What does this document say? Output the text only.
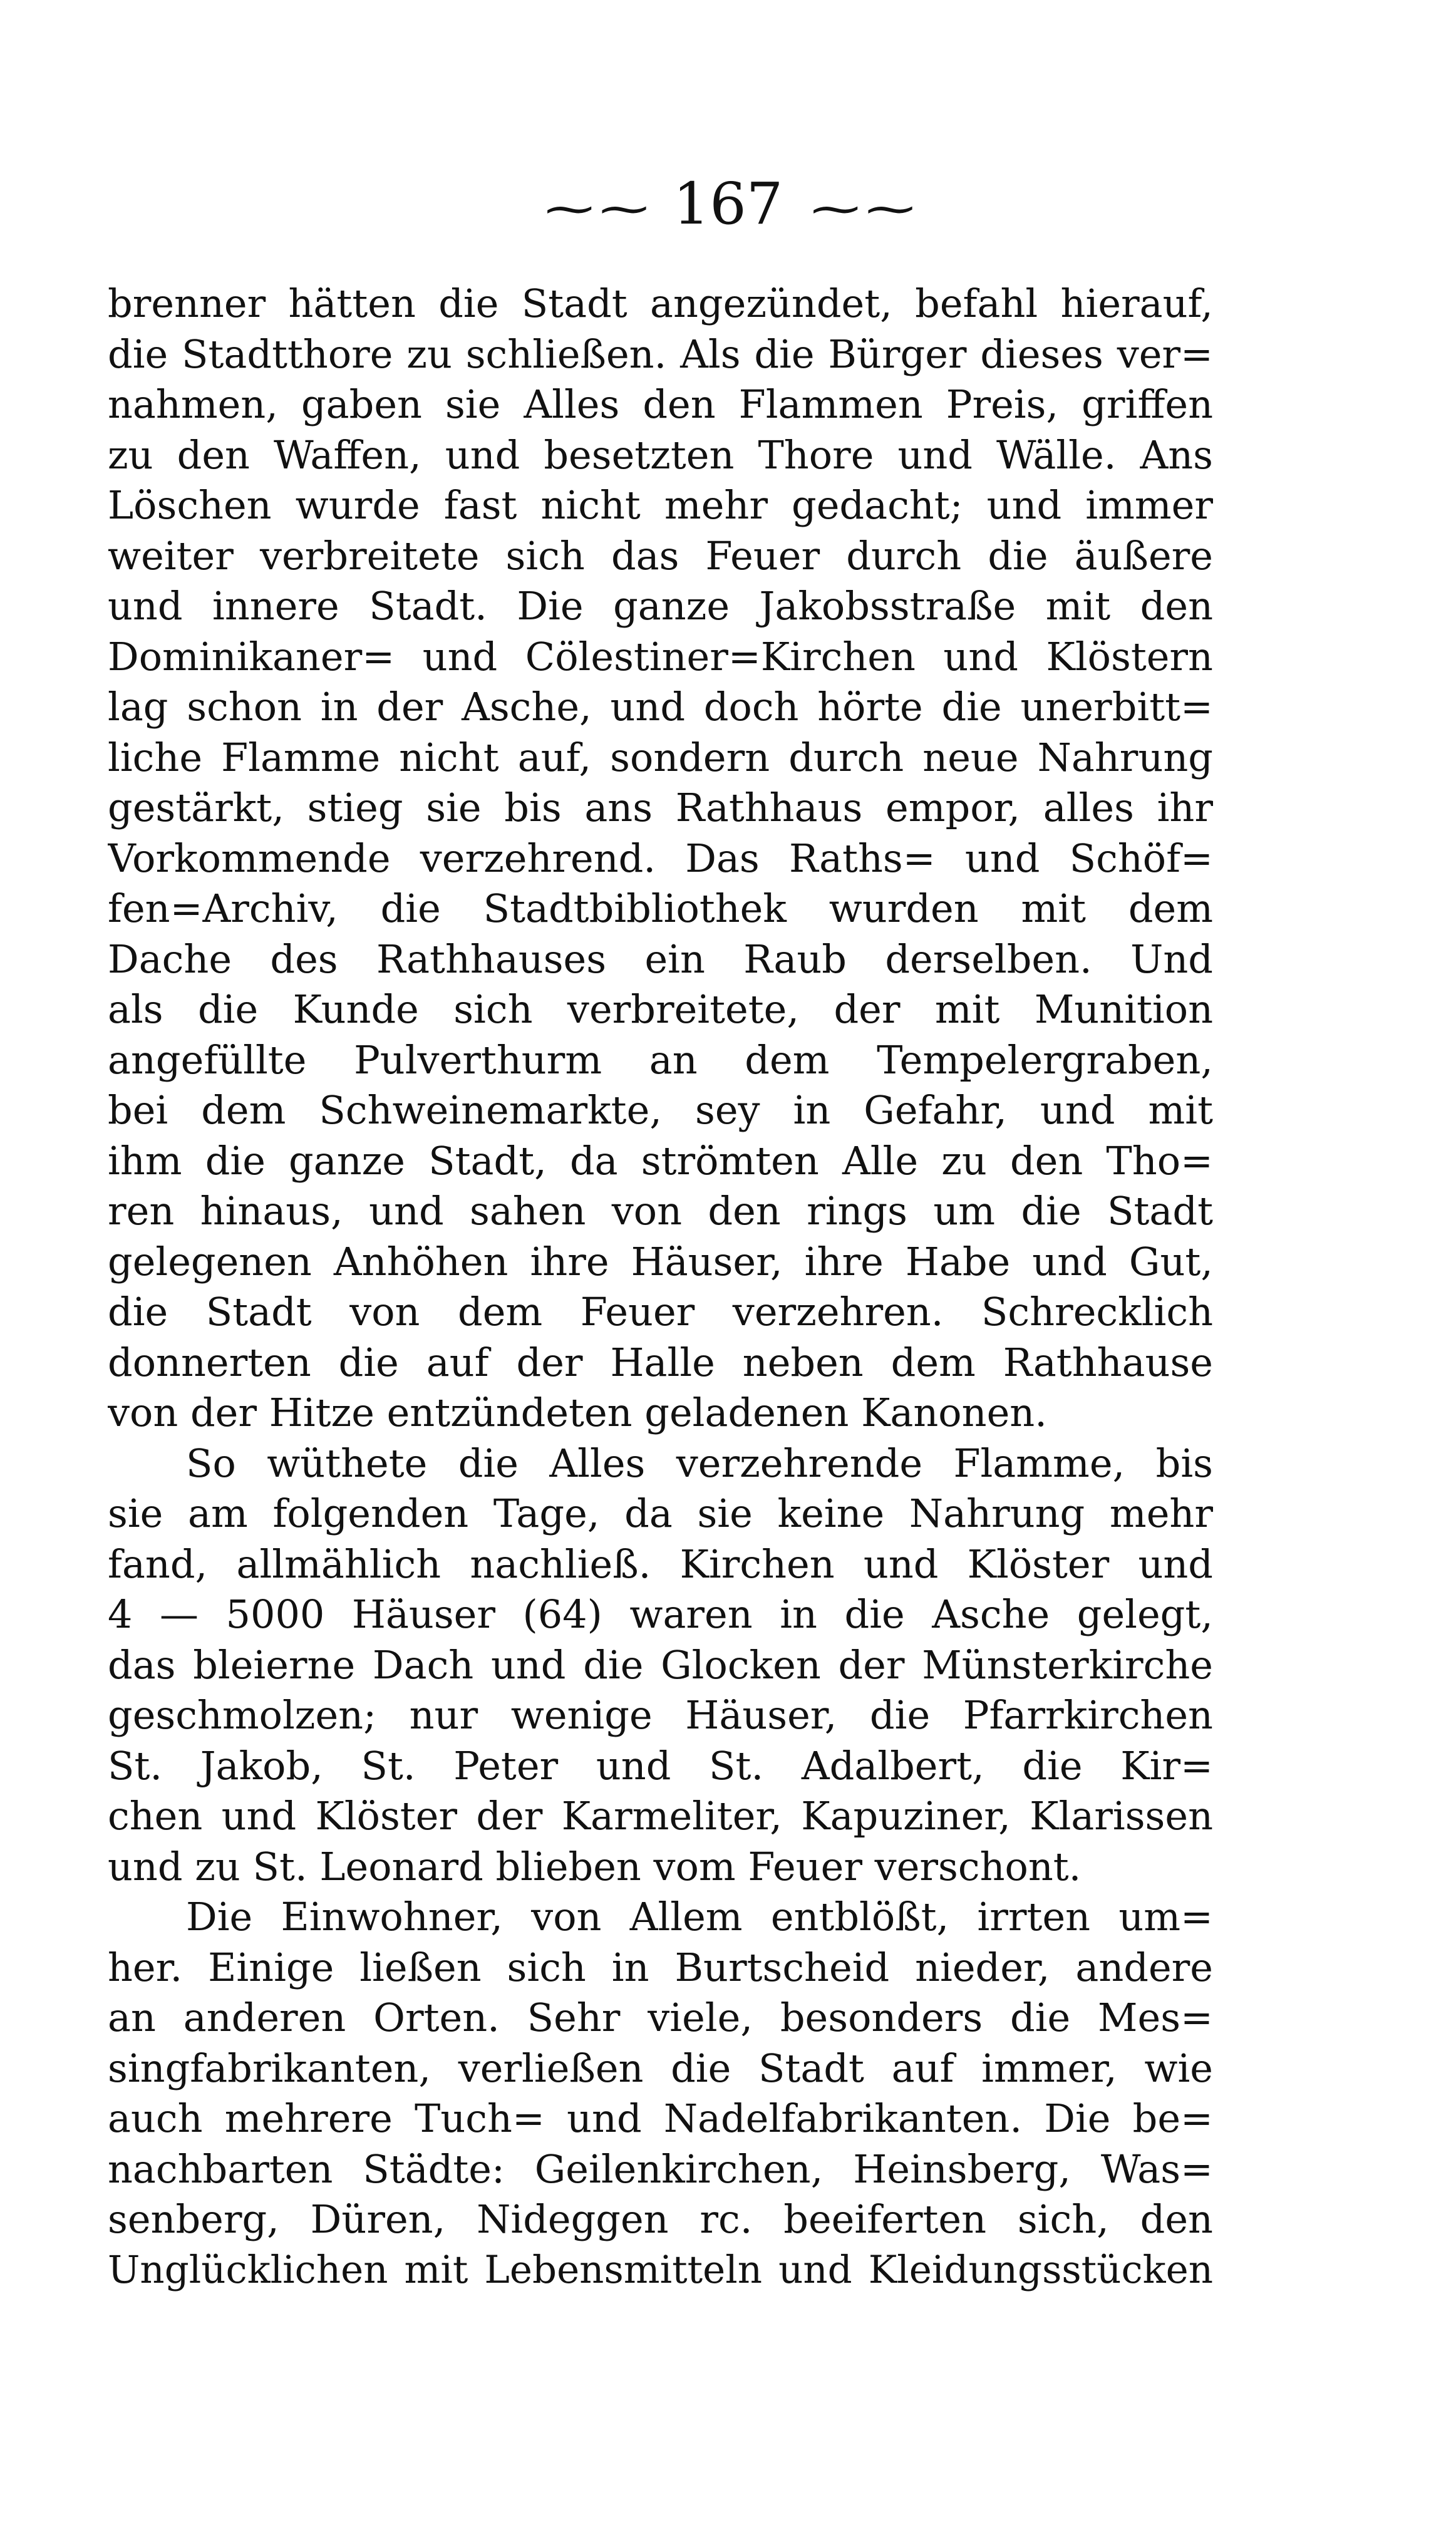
~~ 167 ~~
brenner hätten die Stadt angezündet, befahl hierauf,
die Stadtthore zu schließen. Als die Bürger dieses ver=
nahmen, gaben sie Alles den Flammen Preis, griffen
zu den Waffen, und besetzten Thore und Wälle. Ans
Löschen wurde fast nicht mehr gedacht; und immer
weiter verbreitete sich das Feuer durch die äußere
und innere Stadt. Die ganze Jakobsstraße mit den
Dominikaner= und Cölestiner=Kirchen und Klöstern
lag schon in der Asche, und doch hörte die unerbitt=
liche Flamme nicht auf, sondern durch neue Nahrung
gestärkt, stieg sie bis ans Rathhaus empor, alles ihr
Vorkommende verzehrend. Das Raths= und Schöf=
fen=Archiv, die Stadtbibliothek wurden mit dem
Dache des Rathhauses ein Raub derselben. Und
als die Kunde sich verbreitete, der mit Munition
angefüllte Pulverthurm an dem Tempelergraben,
bei dem Schweinemarkte, sey in Gefahr, und mit
ihm die ganze Stadt, da strömten Alle zu den Tho=
ren hinaus, und sahen von den rings um die Stadt
gelegenen Anhöhen ihre Häuser, ihre Habe und Gut,
die Stadt von dem Feuer verzehren. Schrecklich
donnerten die auf der Halle neben dem Rathhause
von der Hitze entzündeten geladenen Kanonen.
So wüthete die Alles verzehrende Flamme, bis
sie am folgenden Tage, da sie keine Nahrung mehr
fand, allmählich nachließ. Kirchen und Klöster und
4 — 5000 Häuser (64) waren in die Asche gelegt,
das bleierne Dach und die Glocken der Münsterkirche
geschmolzen; nur wenige Häuser, die Pfarrkirchen
St. Jakob, St. Peter und St. Adalbert, die Kir=
chen und Klöster der Karmeliter, Kapuziner, Klarissen
und zu St. Leonard blieben vom Feuer verschont.
Die Einwohner, von Allem entblößt, irrten um=
her. Einige ließen sich in Burtscheid nieder, andere
an anderen Orten. Sehr viele, besonders die Mes=
singfabrikanten, verließen die Stadt auf immer, wie
auch mehrere Tuch= und Nadelfabrikanten. Die be=
nachbarten Städte: Geilenkirchen, Heinsberg, Was=
senberg, Düren, Nideggen rc. beeiferten sich, den
Unglücklichen mit Lebensmitteln und Kleidungsstücken
